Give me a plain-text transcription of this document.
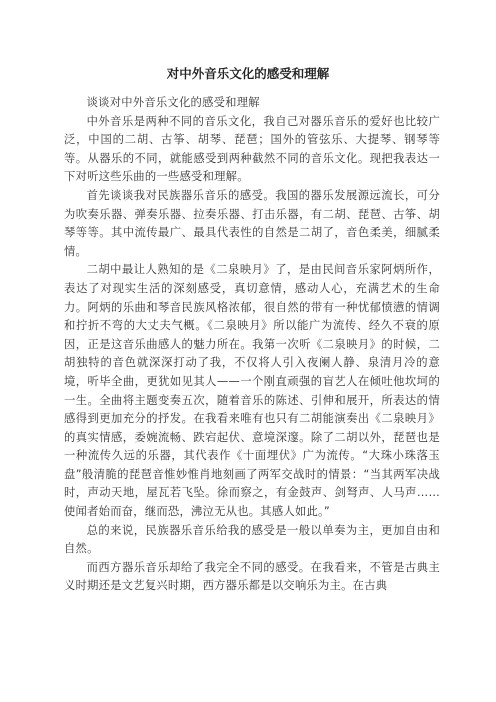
对中外音乐文化的感受和理解

谈谈对中外音乐文化的感受和理解

中外音乐是两种不同的音乐文化，我自己对器乐音乐的爱好也比较广泛，中国的二胡、古筝、胡琴、琵琶；国外的管弦乐、大提琴、钢琴等等。从器乐的不同，就能感受到两种截然不同的音乐文化。现把我表达一下对听这些乐曲的一些感受和理解。

首先谈谈我对民族器乐音乐的感受。我国的器乐发展源远流长，可分为吹奏乐器、弹奏乐器、拉奏乐器、打击乐器，有二胡、琵琶、古筝、胡琴等等。其中流传最广、最具代表性的自然是二胡了，音色柔美，细腻柔情。

二胡中最让人熟知的是《二泉映月》了，是由民间音乐家阿炳所作，表达了对现实生活的深刻感受，真切意情，感动人心，充满艺术的生命力。阿炳的乐曲和琴音民族风格浓郁，很自然的带有一种忧郁愤懑的情调和拧折不弯的大丈夫气概。《二泉映月》所以能广为流传、经久不衰的原因，正是这音乐曲感人的魅力所在。我第一次听《二泉映月》的时候，二胡独特的音色就深深打动了我，不仅将人引入夜阑人静、泉清月冷的意境，听毕全曲，更犹如见其人——一个刚直顽强的盲艺人在倾吐他坎坷的一生。全曲将主题变奏五次，随着音乐的陈述、引伸和展开，所表达的情感得到更加充分的抒发。在我看来唯有也只有二胡能演奏出《二泉映月》的真实情感，委婉流畅、跌宕起伏、意境深邃。除了二胡以外，琵琶也是一种流传久远的乐器，其代表作《十面埋伏》广为流传。“大珠小珠落玉盘”般清脆的琵琶音惟妙惟肖地刻画了两军交战时的情景：“当其两军决战时，声动天地，屋瓦若飞坠。徐而察之，有金鼓声、剑弩声、人马声……使闻者始而奋，继而恐，沸泣无从也。其感人如此。”

总的来说，民族器乐音乐给我的感受是一般以单奏为主，更加自由和自然。

而西方器乐音乐却给了我完全不同的感受。在我看来，不管是古典主义时期还是文艺复兴时期，西方器乐都是以交响乐为主。在古典
